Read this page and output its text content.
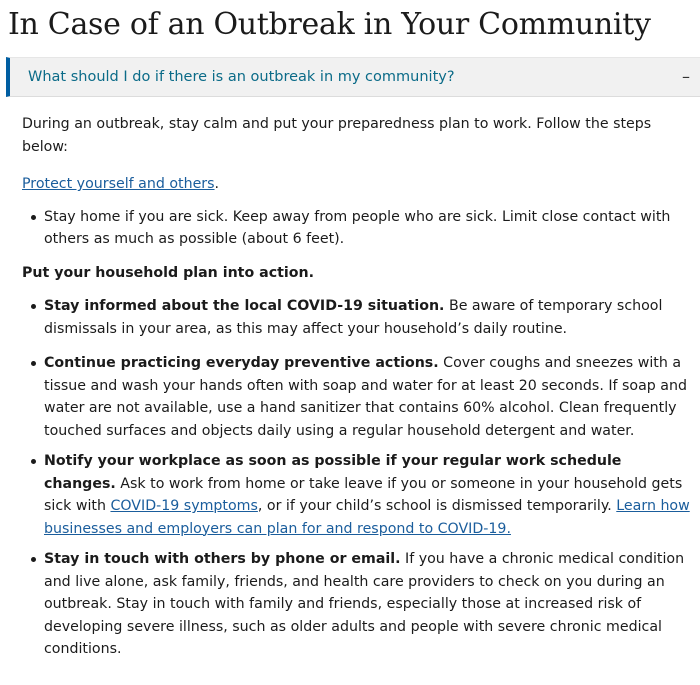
In Case of an Outbreak in Your Community
What should I do if there is an outbreak in my community?	–

During an outbreak, stay calm and put your preparedness plan to work. Follow the steps below:

Protect yourself and others.

Stay home if you are sick. Keep away from people who are sick. Limit close contact with others as much as possible (about 6 feet).

Put your household plan into action.

Stay informed about the local COVID-19 situation. Be aware of temporary school dismissals in your area, as this may affect your household’s daily routine.
Continue practicing everyday preventive actions. Cover coughs and sneezes with a tissue and wash your hands often with soap and water for at least 20 seconds. If soap and water are not available, use a hand sanitizer that contains 60% alcohol. Clean frequently touched surfaces and objects daily using a regular household detergent and water.
Notify your workplace as soon as possible if your regular work schedule changes. Ask to work from home or take leave if you or someone in your household gets sick with COVID-19 symptoms, or if your child’s school is dismissed temporarily. Learn how businesses and employers can plan for and respond to COVID-19.
Stay in touch with others by phone or email. If you have a chronic medical condition and live alone, ask family, friends, and health care providers to check on you during an outbreak. Stay in touch with family and friends, especially those at increased risk of developing severe illness, such as older adults and people with severe chronic medical conditions.
